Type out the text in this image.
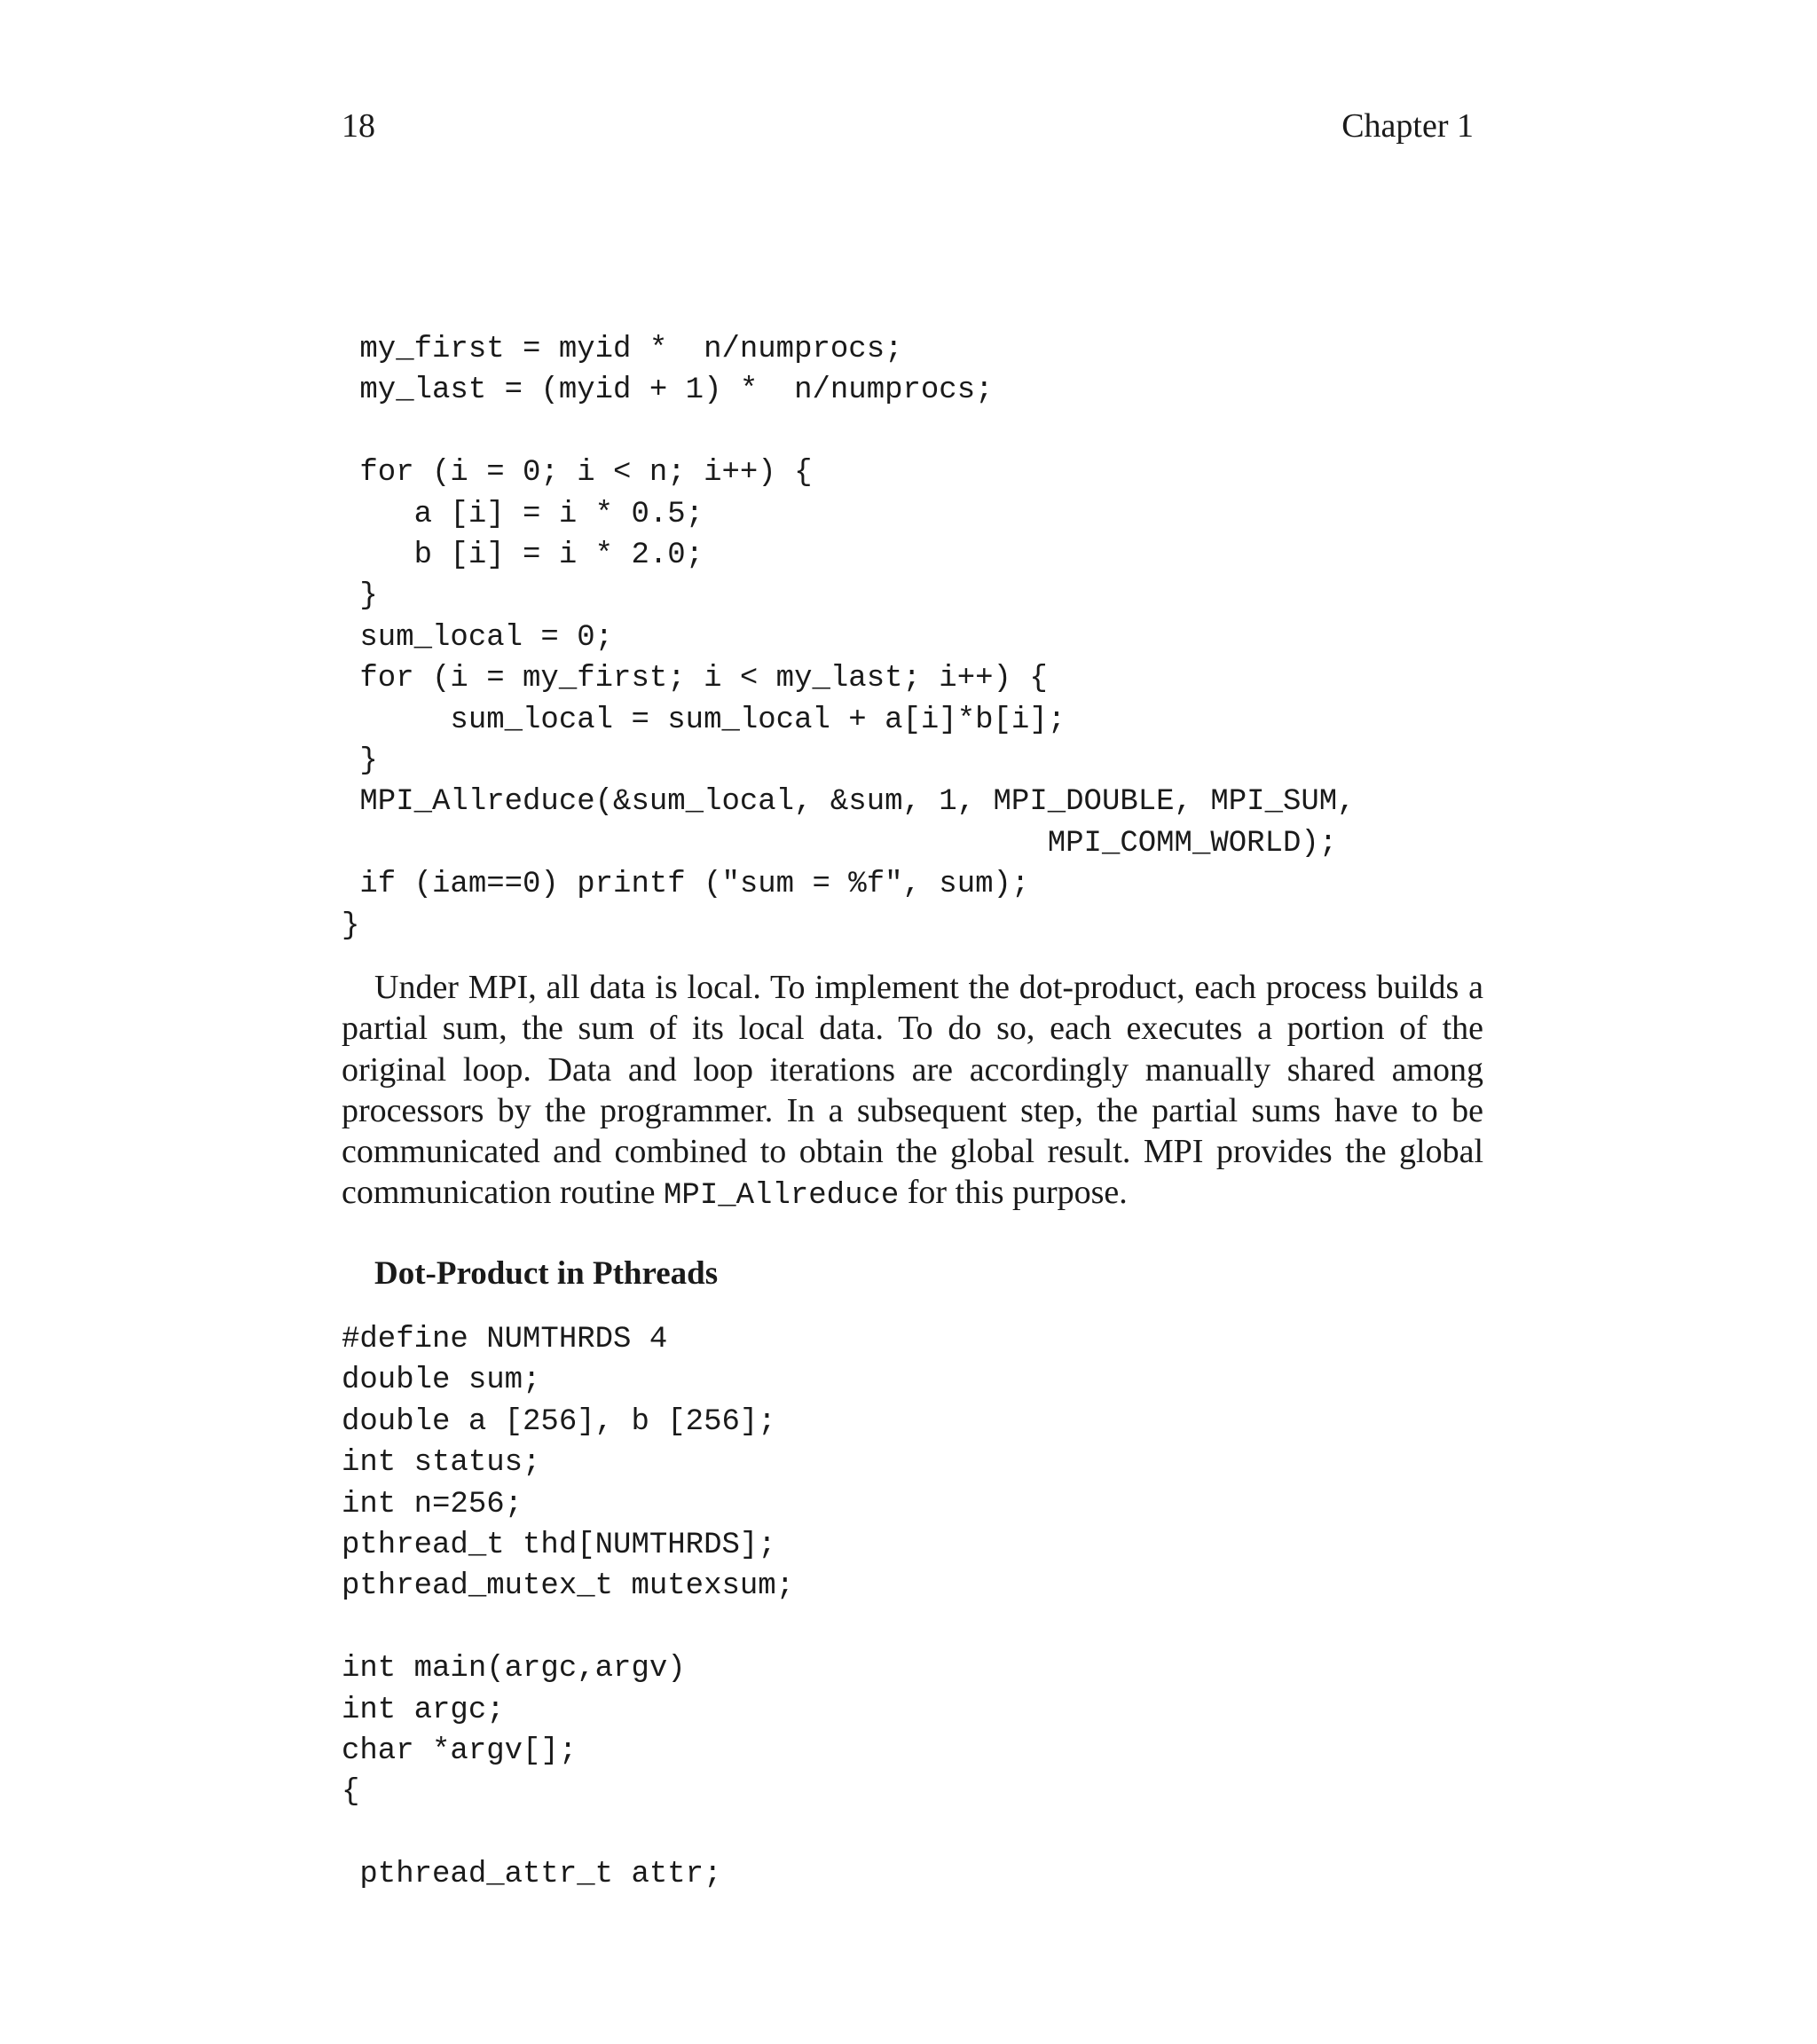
18	Chapter 1
my_first = myid *  n/numprocs;
my_last = (myid + 1) *  n/numprocs;

for (i = 0; i < n; i++) {
a [i] = i * 0.5;
b [i] = i * 2.0;
}
sum_local = 0;
for (i = my_first; i < my_last; i++) {
sum_local = sum_local + a[i]*b[i];
}
MPI_Allreduce(&sum_local, &sum, 1, MPI_DOUBLE, MPI_SUM,
MPI_COMM_WORLD);
if (iam==0) printf ("sum = %f", sum);
}

Under MPI, all data is local. To implement the dot-product, each process builds a partial sum, the sum of its local data. To do so, each executes a portion of the original loop. Data and loop iterations are accordingly manually shared among processors by the programmer. In a subsequent step, the partial sums have to be communicated and combined to obtain the global result. MPI provides the global communication routine MPI_Allreduce for this purpose.

Dot-Product in Pthreads
#define NUMTHRDS 4
double sum;
double a [256], b [256];
int status;
int n=256;
pthread_t thd[NUMTHRDS];
pthread_mutex_t mutexsum;

int main(argc,argv)
int argc;
char *argv[];
{

pthread_attr_t attr;
